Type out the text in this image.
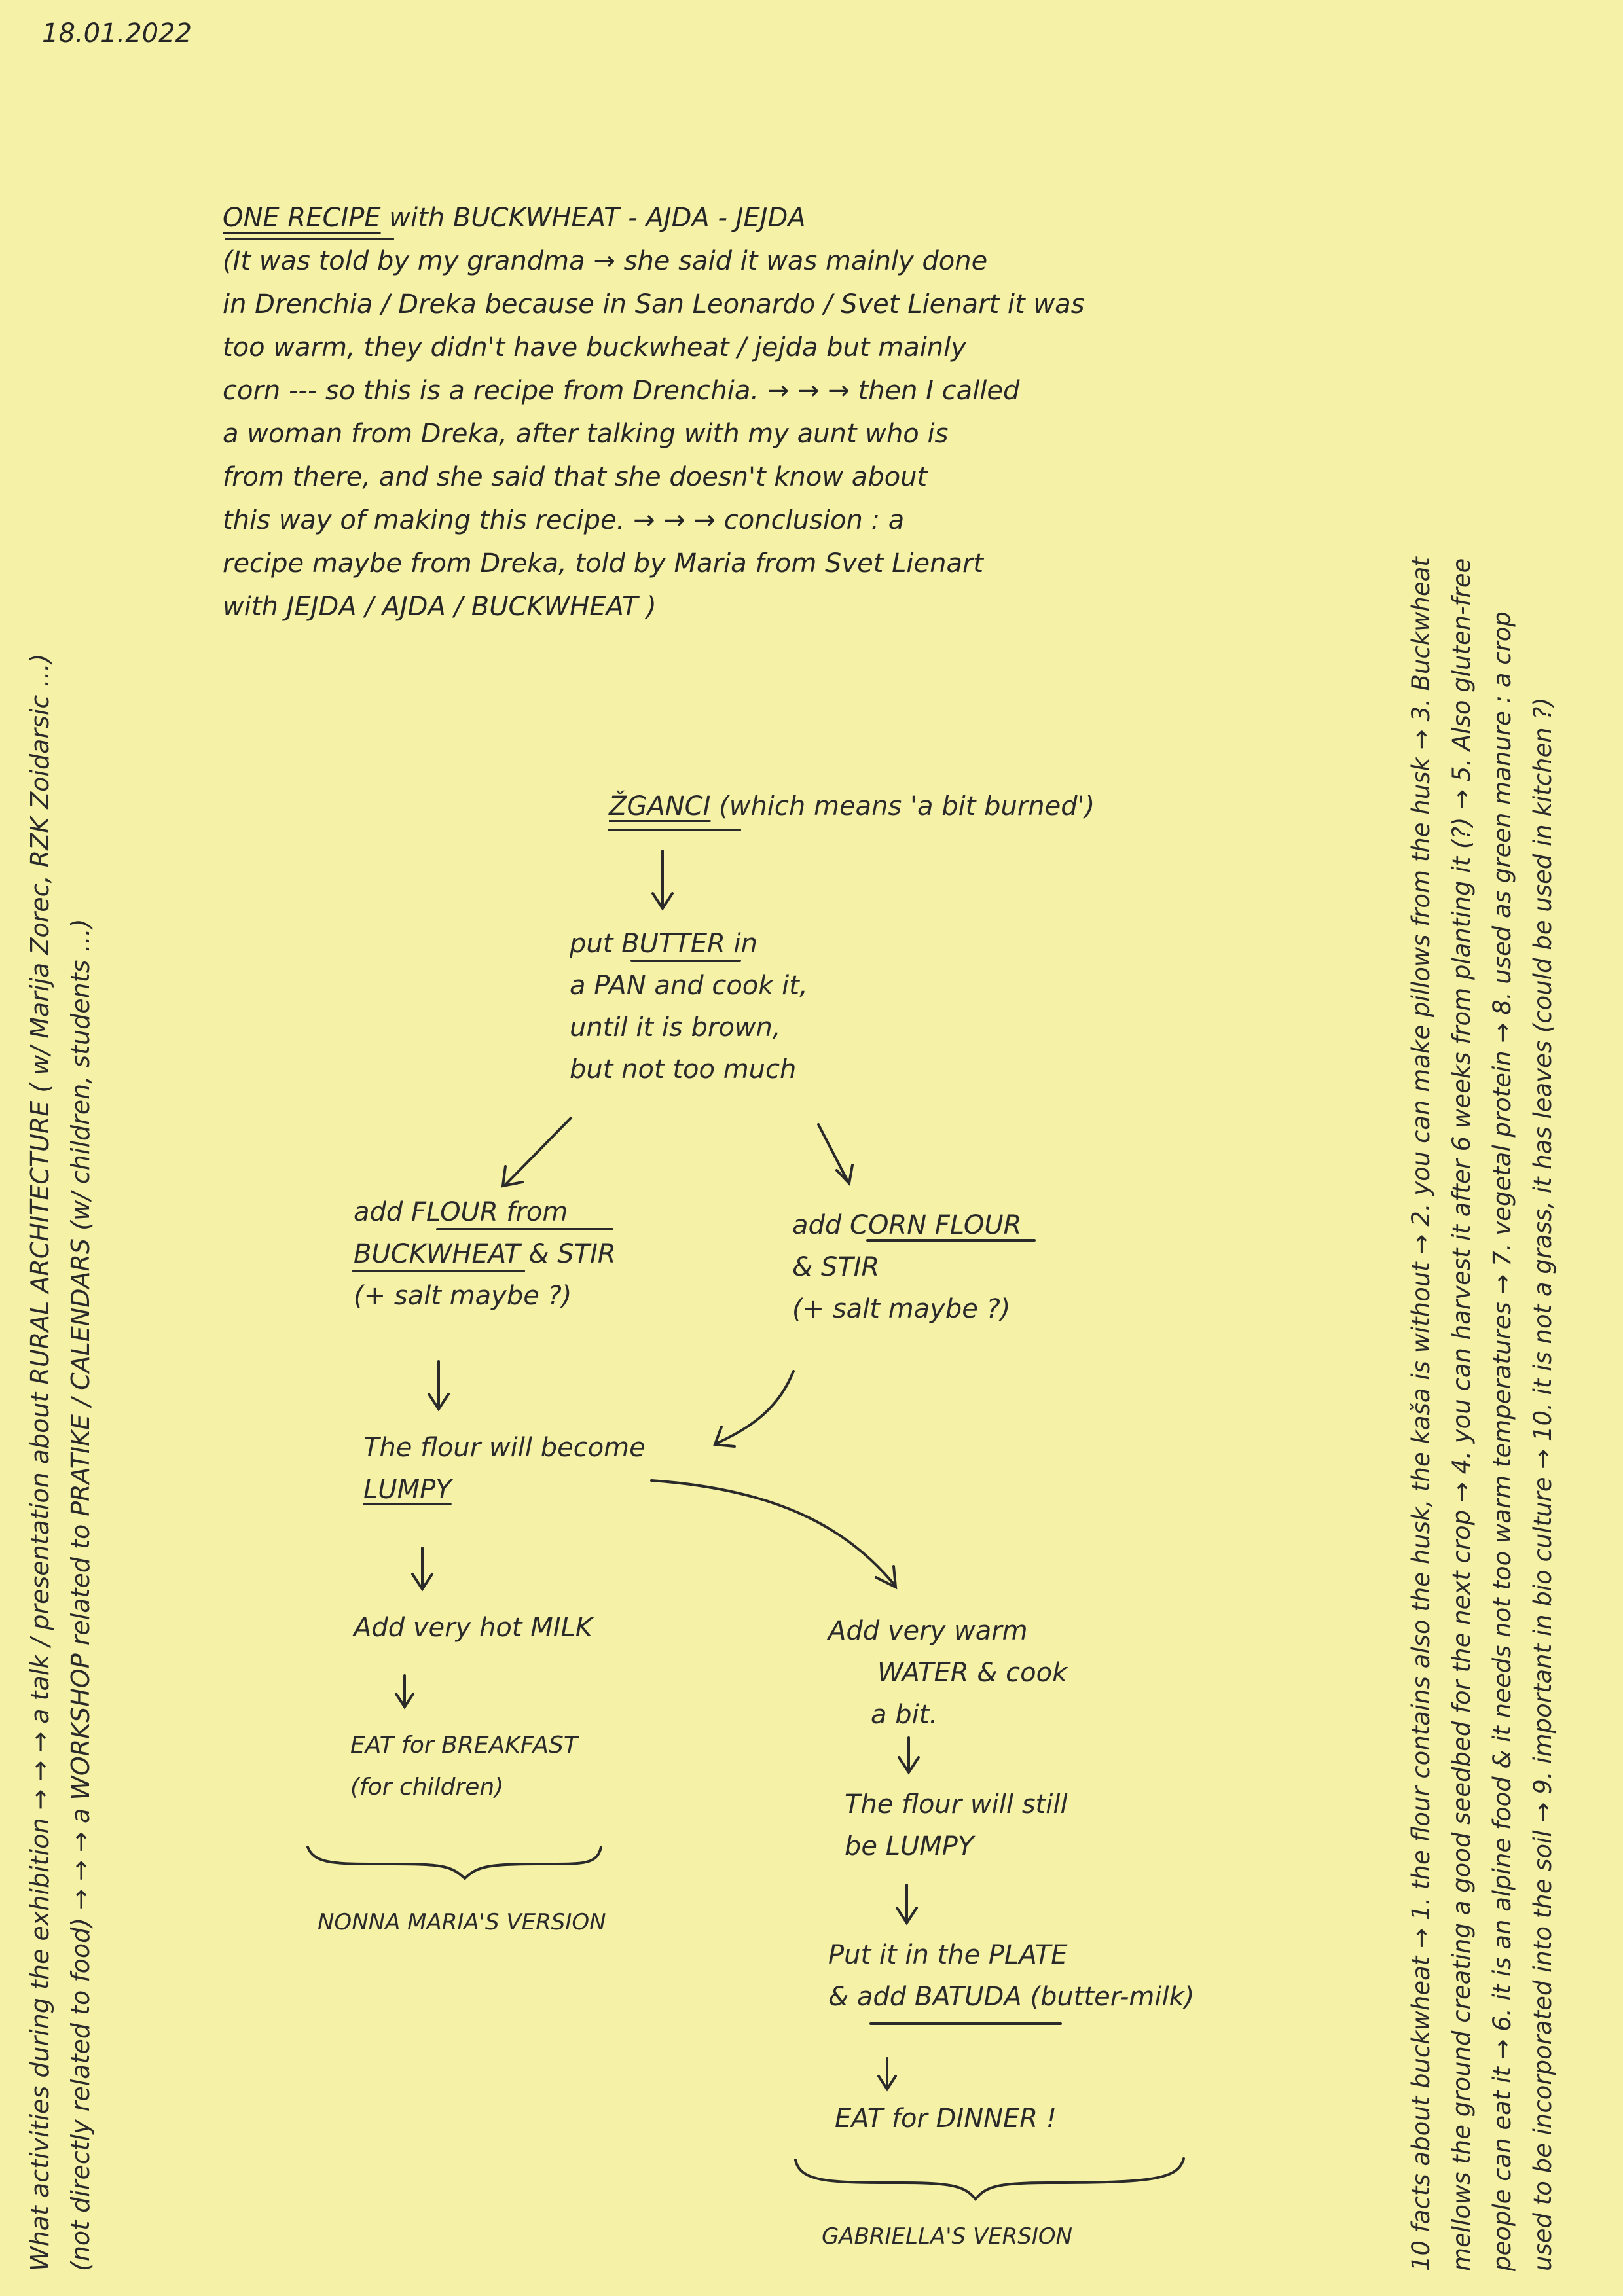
18.01.2022
ONE RECIPE with BUCKWHEAT - AJDA - JEJDA
(It was told by my grandma → she said it was mainly done
in Drenchia / Dreka because in San Leonardo / Svet Lienart it was
too warm, they didn't have buckwheat / jejda but mainly
corn --- so this is a recipe from Drenchia. → → → then I called
a woman from Dreka, after talking with my aunt who is
from there, and she said that she doesn't know about
this way of making this recipe. → → → conclusion : a
recipe maybe from Dreka, told by Maria from Svet Lienart
with JEJDA / AJDA / BUCKWHEAT )
ŽGANCI (which means 'a bit burned')
put BUTTER in
a PAN and cook it,
until it is brown,
but not too much
add FLOUR from
BUCKWHEAT & STIR
(+ salt maybe ?)
add CORN FLOUR
& STIR
(+ salt maybe ?)
The flour will become
LUMPY
Add very hot MILK
EAT for BREAKFAST
(for children)
NONNA MARIA'S VERSION
Add very warm
WATER & cook
a bit.
The flour will still
be LUMPY
Put it in the PLATE
& add BATUDA (butter-milk)
EAT for DINNER !
GABRIELLA'S VERSION
What activities during the exhibition → → → a talk / presentation about RURAL ARCHITECTURE ( w/ Marija Zorec, RZK Zoidarsic ...) (not directly related to food) → → → a WORKSHOP related to PRATIKE / CALENDARS (w/ children, students ...)	10 facts about buckwheat → 1. the flour contains also the husk, the kaša is without → 2. you can make pillows from the husk → 3. Buckwheat mellows the ground creating a good seedbed for the next crop → 4. you can harvest it after 6 weeks from planting it (?) → 5. Also gluten-free people can eat it → 6. it is an alpine food & it needs not too warm temperatures → 7. vegetal protein → 8. used as green manure : a crop used to be incorporated into the soil → 9. important in bio culture → 10. it is not a grass, it has leaves (could be used in kitchen ?)
